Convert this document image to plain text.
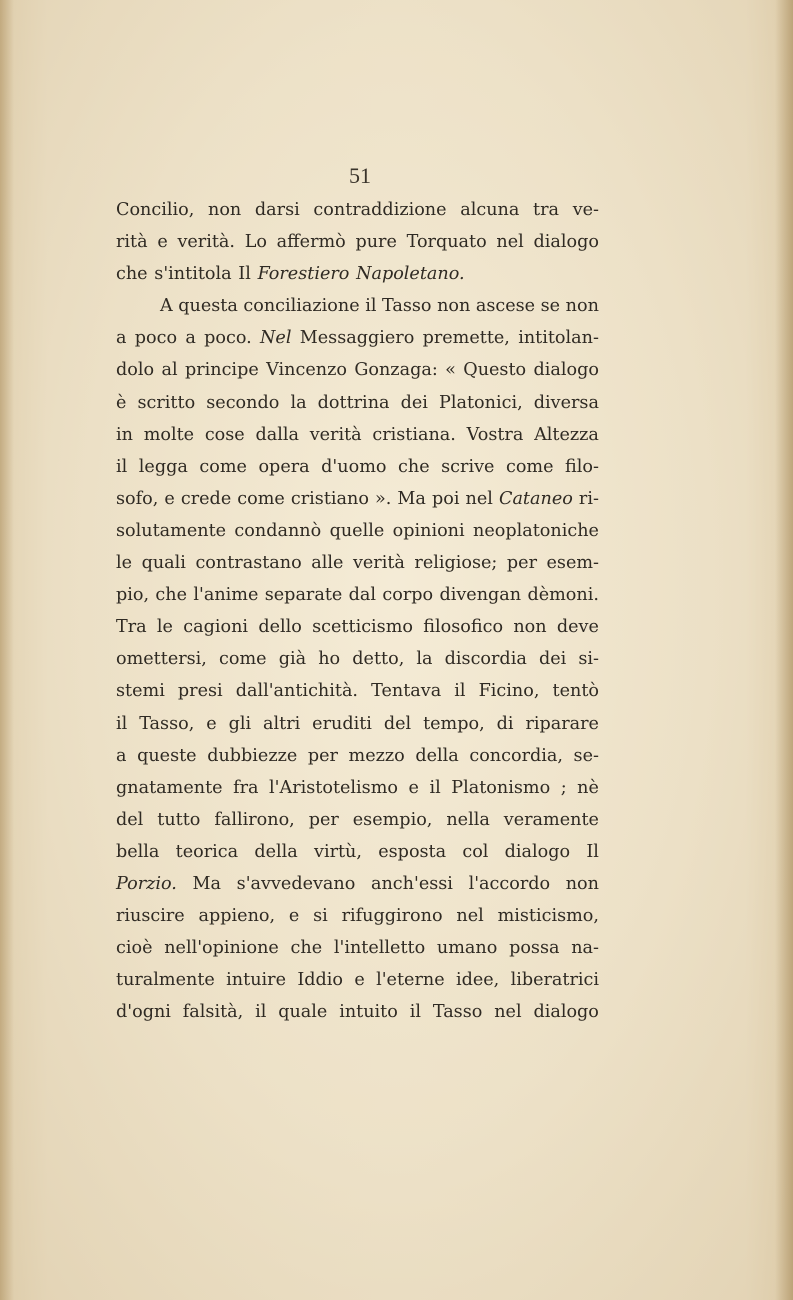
51
Concilio, non darsi contraddizione alcuna tra ve-
rità e verità. Lo affermò pure Torquato nel dialogo
che s'intitola Il Forestiero Napoletano.
A questa conciliazione il Tasso non ascese se non
a poco a poco. Nel Messaggiero premette, intitolan-
dolo al principe Vincenzo Gonzaga: « Questo dialogo
è scritto secondo la dottrina dei Platonici, diversa
in molte cose dalla verità cristiana. Vostra Altezza
il legga come opera d'uomo che scrive come filo-
sofo, e crede come cristiano ». Ma poi nel Cataneo ri-
solutamente condannò quelle opinioni neoplatoniche
le quali contrastano alle verità religiose; per esem-
pio, che l'anime separate dal corpo divengan dèmoni.
Tra le cagioni dello scetticismo filosofico non deve
omettersi, come già ho detto, la discordia dei si-
stemi presi dall'antichità. Tentava il Ficino, tentò
il Tasso, e gli altri eruditi del tempo, di riparare
a queste dubbiezze per mezzo della concordia, se-
gnatamente fra l'Aristotelismo e il Platonismo ; nè
del tutto fallirono, per esempio, nella veramente
bella teorica della virtù, esposta col dialogo Il
Porzio. Ma s'avvedevano anch'essi l'accordo non
riuscire appieno, e si rifuggirono nel misticismo,
cioè nell'opinione che l'intelletto umano possa na-
turalmente intuire Iddio e l'eterne idee, liberatrici
d'ogni falsità, il quale intuito il Tasso nel dialogo
